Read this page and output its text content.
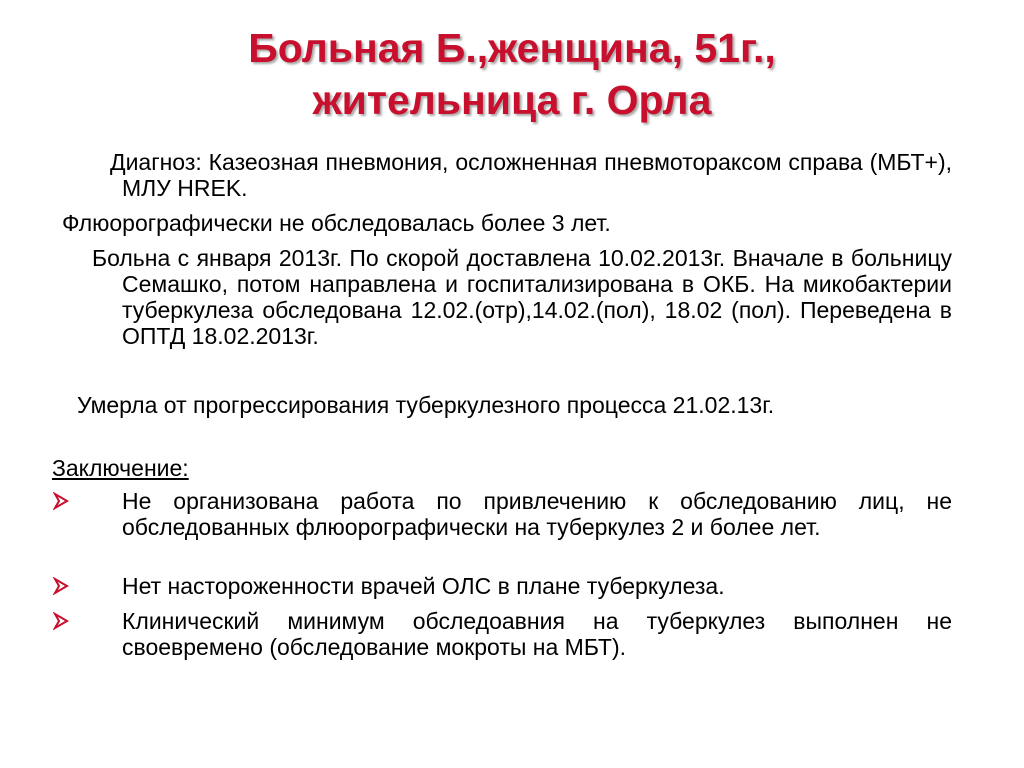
Больная Б.,женщина, 51г.,
жительница г. Орла
Диагноз: Казеозная пневмония, осложненная пневмотораксом справа (МБТ+), МЛУ HREK.
Флюорографически не обследовалась более 3 лет.
Больна с января 2013г. По скорой доставлена 10.02.2013г. Вначале в больницу Семашко, потом направлена и госпитализирована в ОКБ. На микобактерии туберкулеза обследована 12.02.(отр),14.02.(пол), 18.02 (пол). Переведена в ОПТД 18.02.2013г.
Умерла от прогрессирования туберкулезного процесса 21.02.13г.
Заключение:
Не организована работа по привлечению к обследованию лиц, не обследованных флюорографически на туберкулез 2 и более лет.
Нет настороженности врачей ОЛС в плане туберкулеза.
Клинический минимум обследоавния на туберкулез выполнен не своевремено (обследование мокроты на МБТ).
